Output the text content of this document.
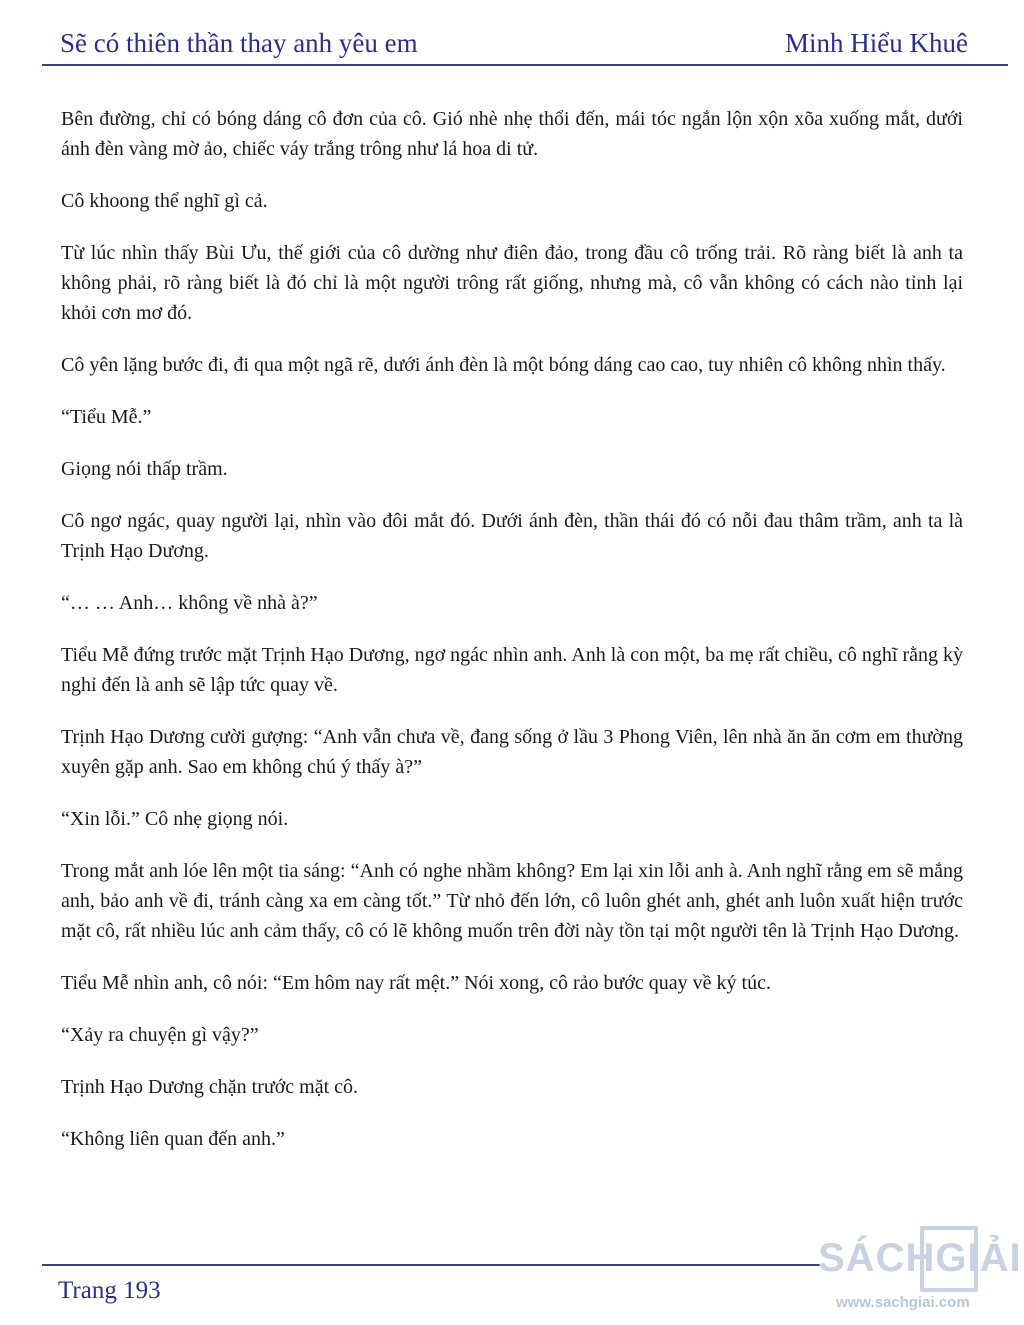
Sẽ có thiên thần thay anh yêu em	Minh Hiểu Khuê

Bên đường, chỉ có bóng dáng cô đơn của cô. Gió nhè nhẹ thổi đến, mái tóc ngắn lộn xộn xõa xuống mắt, dưới ánh đèn vàng mờ ảo, chiếc váy trắng trông như lá hoa di tử.

Cô khoong thể nghĩ gì cả.

Từ lúc nhìn thấy Bùi Ưu, thế giới của cô dường như điên đảo, trong đầu cô trống trải. Rõ ràng biết là anh ta không phải, rõ ràng biết là đó chỉ là một người trông rất giống, nhưng mà, cô vẫn không có cách nào tỉnh lại khỏi cơn mơ đó.

Cô yên lặng bước đi, đi qua một ngã rẽ, dưới ánh đèn là một bóng dáng cao cao, tuy nhiên cô không nhìn thấy.

“Tiểu Mễ.”

Giọng nói thấp trầm.

Cô ngơ ngác, quay người lại, nhìn vào đôi mắt đó. Dưới ánh đèn, thần thái đó có nỗi đau thâm trầm, anh ta là Trịnh Hạo Dương.

“… … Anh… không về nhà à?”

Tiểu Mễ đứng trước mặt Trịnh Hạo Dương, ngơ ngác nhìn anh. Anh là con một, ba mẹ rất chiều, cô nghĩ rằng kỳ nghỉ đến là anh sẽ lập tức quay về.

Trịnh Hạo Dương cười gượng: “Anh vẫn chưa về, đang sống ở lầu 3 Phong Viên, lên nhà ăn ăn cơm em thường xuyên gặp anh. Sao em không chú ý thấy à?”

“Xin lỗi.” Cô nhẹ giọng nói.

Trong mắt anh lóe lên một tia sáng: “Anh có nghe nhầm không? Em lại xin lỗi anh à. Anh nghĩ rằng em sẽ mắng anh, bảo anh về đi, tránh càng xa em càng tốt.” Từ nhỏ đến lớn, cô luôn ghét anh, ghét anh luôn xuất hiện trước mặt cô, rất nhiều lúc anh cảm thấy, cô có lẽ không muốn trên đời này tồn tại một người tên là Trịnh Hạo Dương.

Tiểu Mễ nhìn anh, cô nói: “Em hôm nay rất mệt.” Nói xong, cô rảo bước quay về ký túc.

“Xảy ra chuyện gì vậy?”

Trịnh Hạo Dương chặn trước mặt cô.

“Không liên quan đến anh.”

Trang 193
SÁCHGIẢI
www.sachgiai.com
